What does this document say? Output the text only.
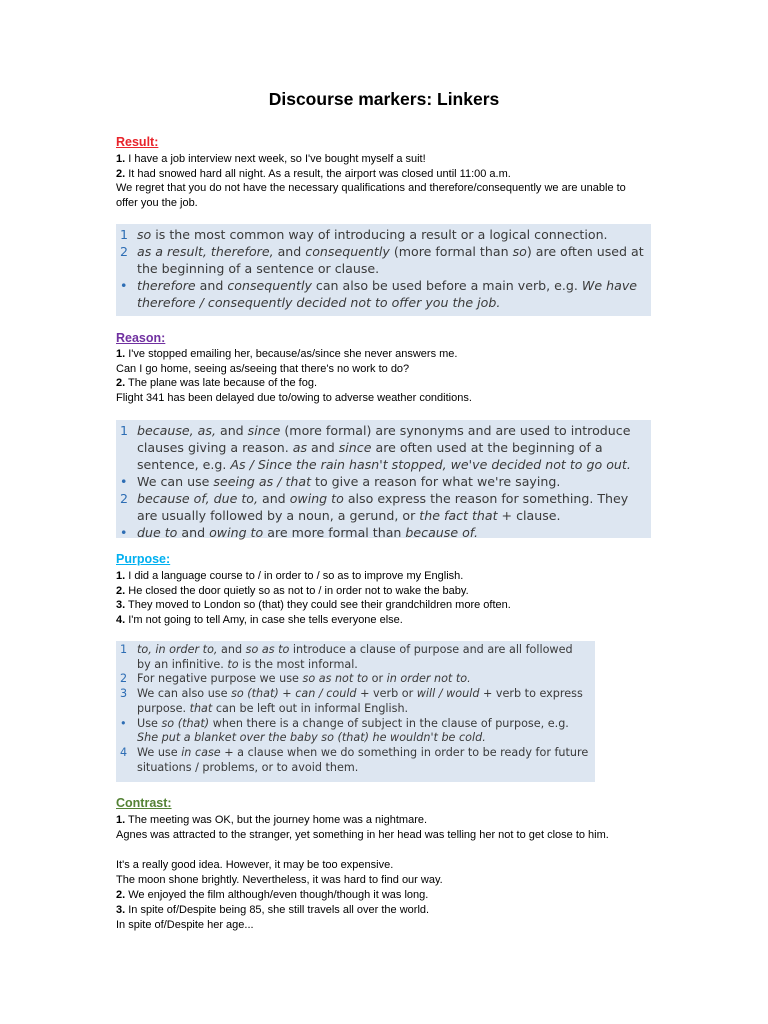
Discourse markers: Linkers
Result:
1. I have a job interview next week, so I've bought myself a suit!
2. It had snowed hard all night. As a result, the airport was closed until 11:00 a.m.
We regret that you do not have the necessary qualifications and therefore/consequently we are unable to offer you the job.
1 so is the most common way of introducing a result or a logical connection.
2 as a result, therefore, and consequently (more formal than so) are often used at the beginning of a sentence or clause.
• therefore and consequently can also be used before a main verb, e.g. We have therefore / consequently decided not to offer you the job.
Reason:
1. I've stopped emailing her, because/as/since she never answers me.
Can I go home, seeing as/seeing that there's no work to do?
2. The plane was late because of the fog.
Flight 341 has been delayed due to/owing to adverse weather conditions.
1 because, as, and since (more formal) are synonyms and are used to introduce clauses giving a reason. as and since are often used at the beginning of a sentence, e.g. As / Since the rain hasn't stopped, we've decided not to go out.
• We can use seeing as / that to give a reason for what we're saying.
2 because of, due to, and owing to also express the reason for something. They are usually followed by a noun, a gerund, or the fact that + clause.
• due to and owing to are more formal than because of.
Purpose:
1. I did a language course to / in order to / so as to improve my English.
2. He closed the door quietly so as not to / in order not to wake the baby.
3. They moved to London so (that) they could see their grandchildren more often.
4. I'm not going to tell Amy, in case she tells everyone else.
1 to, in order to, and so as to introduce a clause of purpose and are all followed by an infinitive. to is the most informal.
2 For negative purpose we use so as not to or in order not to.
3 We can also use so (that) + can / could + verb or will / would + verb to express purpose. that can be left out in informal English.
• Use so (that) when there is a change of subject in the clause of purpose, e.g. She put a blanket over the baby so (that) he wouldn't be cold.
4 We use in case + a clause when we do something in order to be ready for future situations / problems, or to avoid them.
Contrast:
1. The meeting was OK, but the journey home was a nightmare.
Agnes was attracted to the stranger, yet something in her head was telling her not to get close to him.
It's a really good idea. However, it may be too expensive.
The moon shone brightly. Nevertheless, it was hard to find our way.
2. We enjoyed the film although/even though/though it was long.
3. In spite of/Despite being 85, she still travels all over the world.
In spite of/Despite her age...
